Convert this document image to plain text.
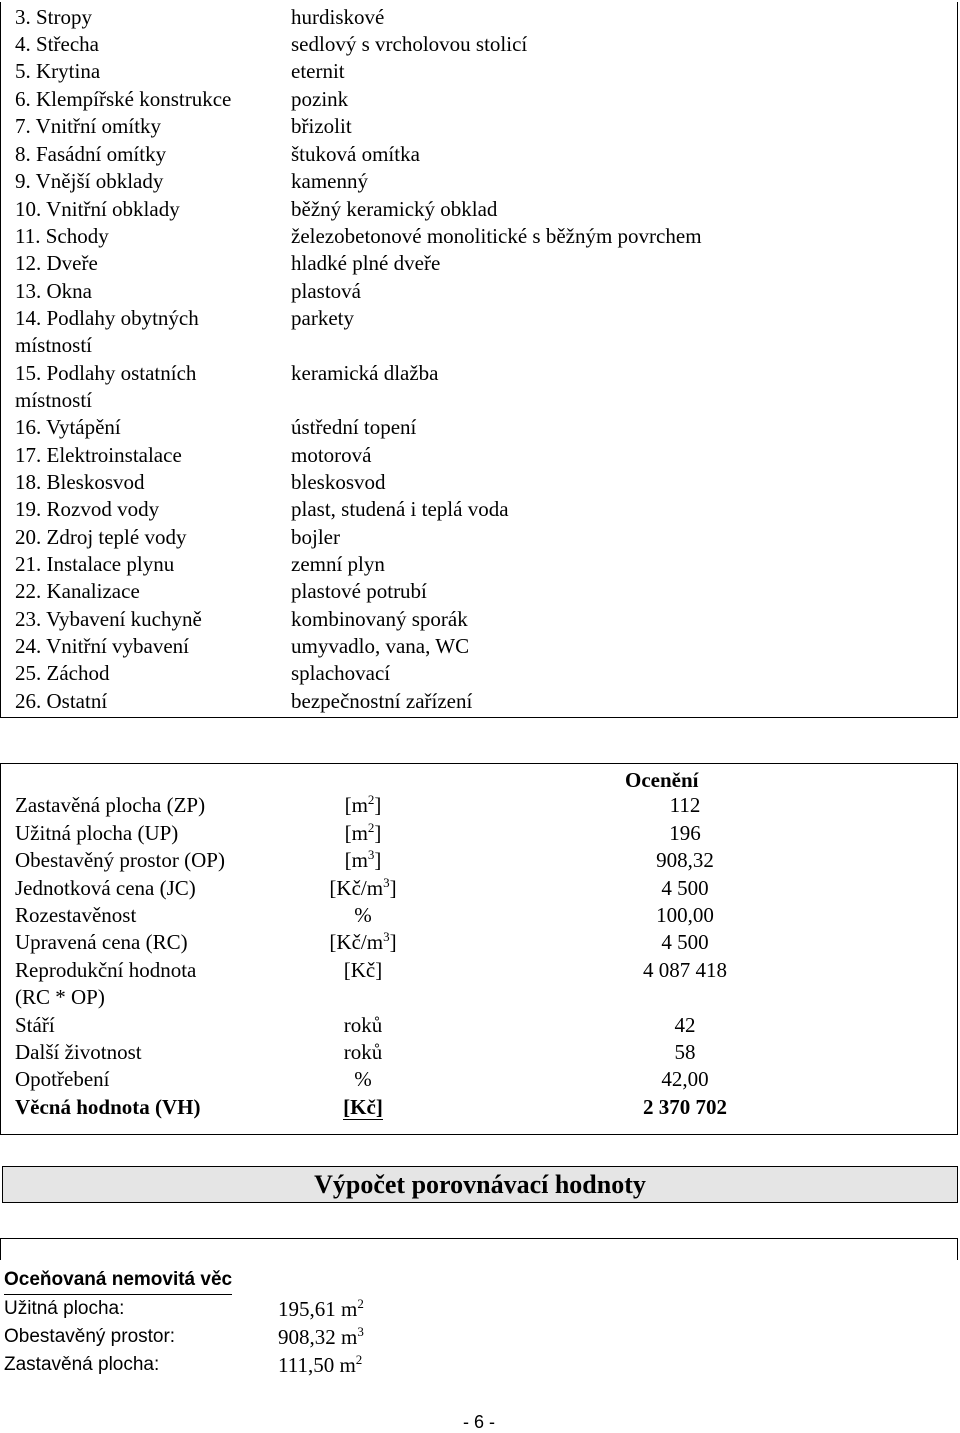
3. Stropy	hurdiskové
4. Střecha	sedlový s vrcholovou stolicí
5. Krytina	eternit
6. Klempířské konstrukce	pozink
7. Vnitřní omítky	břizolit
8. Fasádní omítky	štuková omítka
9. Vnější obklady	kamenný
10. Vnitřní obklady	běžný keramický obklad
11. Schody	železobetonové monolitické s běžným povrchem
12. Dveře	hladké plné dveře
13. Okna	plastová
14. Podlahy obytných	parkety
místností
15. Podlahy ostatních	keramická dlažba
místností
16. Vytápění	ústřední topení
17. Elektroinstalace	motorová
18. Bleskosvod	bleskosvod
19. Rozvod vody	plast, studená i teplá voda
20. Zdroj teplé vody	bojler
21. Instalace plynu	zemní plyn
22. Kanalizace	plastové potrubí
23. Vybavení kuchyně	kombinovaný sporák
24. Vnitřní vybavení	umyvadlo, vana, WC
25. Záchod	splachovací
26. Ostatní	bezpečnostní zařízení
Ocenění
Zastavěná plocha (ZP)	$[m^2]$	112
Užitná plocha (UP)	$[m^2]$	196
Obestavěný prostor (OP)	$[m^3]$	908,32
Jednotková cena (JC)	$[Kč/m^3]$	4 500
Rozestavěnost	%	100,00
Upravená cena (RC)	$[Kč/m^3]$	4 500
Reprodukční hodnota	[Kč]	4 087 418
(RC * OP)
Stáří	roků	42
Další životnost	roků	58
Opotřebení	%	42,00
Věcná hodnota (VH)	[Kč]	2 370 702
Výpočet porovnávací hodnoty
Oceňovaná nemovitá věc
Užitná plocha:	195,61 $m^2$
Obestavěný prostor:	908,32 $m^3$
Zastavěná plocha:	111,50 $m^2$
- 6 -
